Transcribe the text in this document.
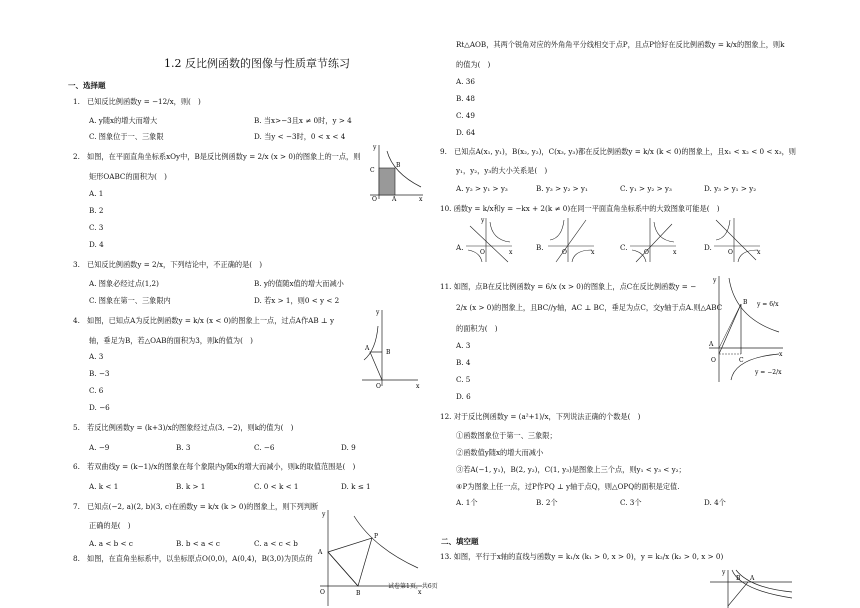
1.2 反比例函数的图像与性质章节练习
一、选择题
二、填空题
1.　已知反比例函数y = −12/x，则(　)
A. y随x的增大而增大	B. 当x>−3且x ≠ 0时，y > 4
C. 图象位于一、三象限	D. 当y < −3时，0 < x < 4
2.　如图，在平面直角坐标系xOy中，B是反比例函数y = 2/x (x > 0)的图象上的一点，则
矩形OABC的面积为(　)
A. 1
B. 2
C. 3
D. 4
3.　已知反比例函数y = 2/x，下列结论中，不正确的是(　)
A. 图象必经过点(1,2)	B. y的值随x值的增大而减小
C. 图象在第一、三象限内	D. 若x > 1，则0 < y < 2
4.　如图，已知点A为反比例函数y = k/x (x < 0)的图象上一点，过点A作AB ⊥ y
轴，垂足为B，若△OAB的面积为3，则k的值为(　)
A. 3
B. −3
C. 6
D. −6
5.　若反比例函数y = (k+3)/x的图象经过点(3, −2)，则k的值为(　)
A. −9	B. 3	C. −6	D. 9
6.　若双曲线y = (k−1)/x的图象在每个象限内y随x的增大而减小，则k的取值范围是(　)
A. k < 1	B. k > 1	C. 0 < k < 1	D. k ≤ 1
7.　已知点(−2, a)(2, b)(3, c)在函数y = k/x (k > 0)的图象上，则下列判断
正确的是(　)
A. a < b < c	B. b < a < c	C. a < c < b
8.　如图，在直角坐标系中，以坐标原点O(0,0)，A(0,4)，B(3,0)为顶点的
Rt△AOB，其两个锐角对应的外角角平分线相交于点P，且点P恰好在反比例函数y = k/x的图象上，则k
的值为(　)
A. 36
B. 48
C. 49
D. 64
9.　已知点A(x₁, y₁)，B(x₂, y₂)，C(x₃, y₃)都在反比例函数y = k/x (k < 0)的图象上，且x₁ < x₂ < 0 < x₃，则
y₁，y₂，y₃的大小关系是(　)
A. y₂ > y₁ > y₃	B. y₃ > y₂ > y₁	C. y₁ > y₂ > y₃	D. y₃ > y₁ > y₂
10. 函数y = k/x和y = −kx + 2(k ≠ 0)在同一平面直角坐标系中的大致图象可能是(　)
A.	B.	C.	D.
11. 如图，点B在反比例函数y = 6/x (x > 0)的图象上，点C在反比例函数y = −
2/x (x > 0)的图象上，且BC//y轴，AC ⊥ BC，垂足为点C，交y轴于点A.则△ABC
的面积为(　)
A. 3
B. 4
C. 5
D. 6
12. 对于反比例函数y = (a²+1)/x，下列说法正确的个数是(　)
①函数图象位于第一、三象限；
②函数值y随x的增大而减小
③若A(−1, y₁)，B(2, y₂)，C(1, y₃)是图象上三个点，则y₁ < y₃ < y₂；
④P为图象上任一点，过P作PQ ⊥ y轴于点Q，则△OPQ的面积是定值.
A. 1个	B. 2个	C. 3个	D. 4个
13. 如图，平行于x轴的直线与函数y = k₁/x (k₁ > 0, x > 0)，y = k₂/x (k₂ > 0, x > 0)
试卷第1页，共6页
y
C
B
O	A	x
y
A
B
O	x
y
A
P
O	B	x
y
O	x	O	x	O	x	O	x
y
B y = 6/x
A
C
O
x
y = −2/x
y
B A
